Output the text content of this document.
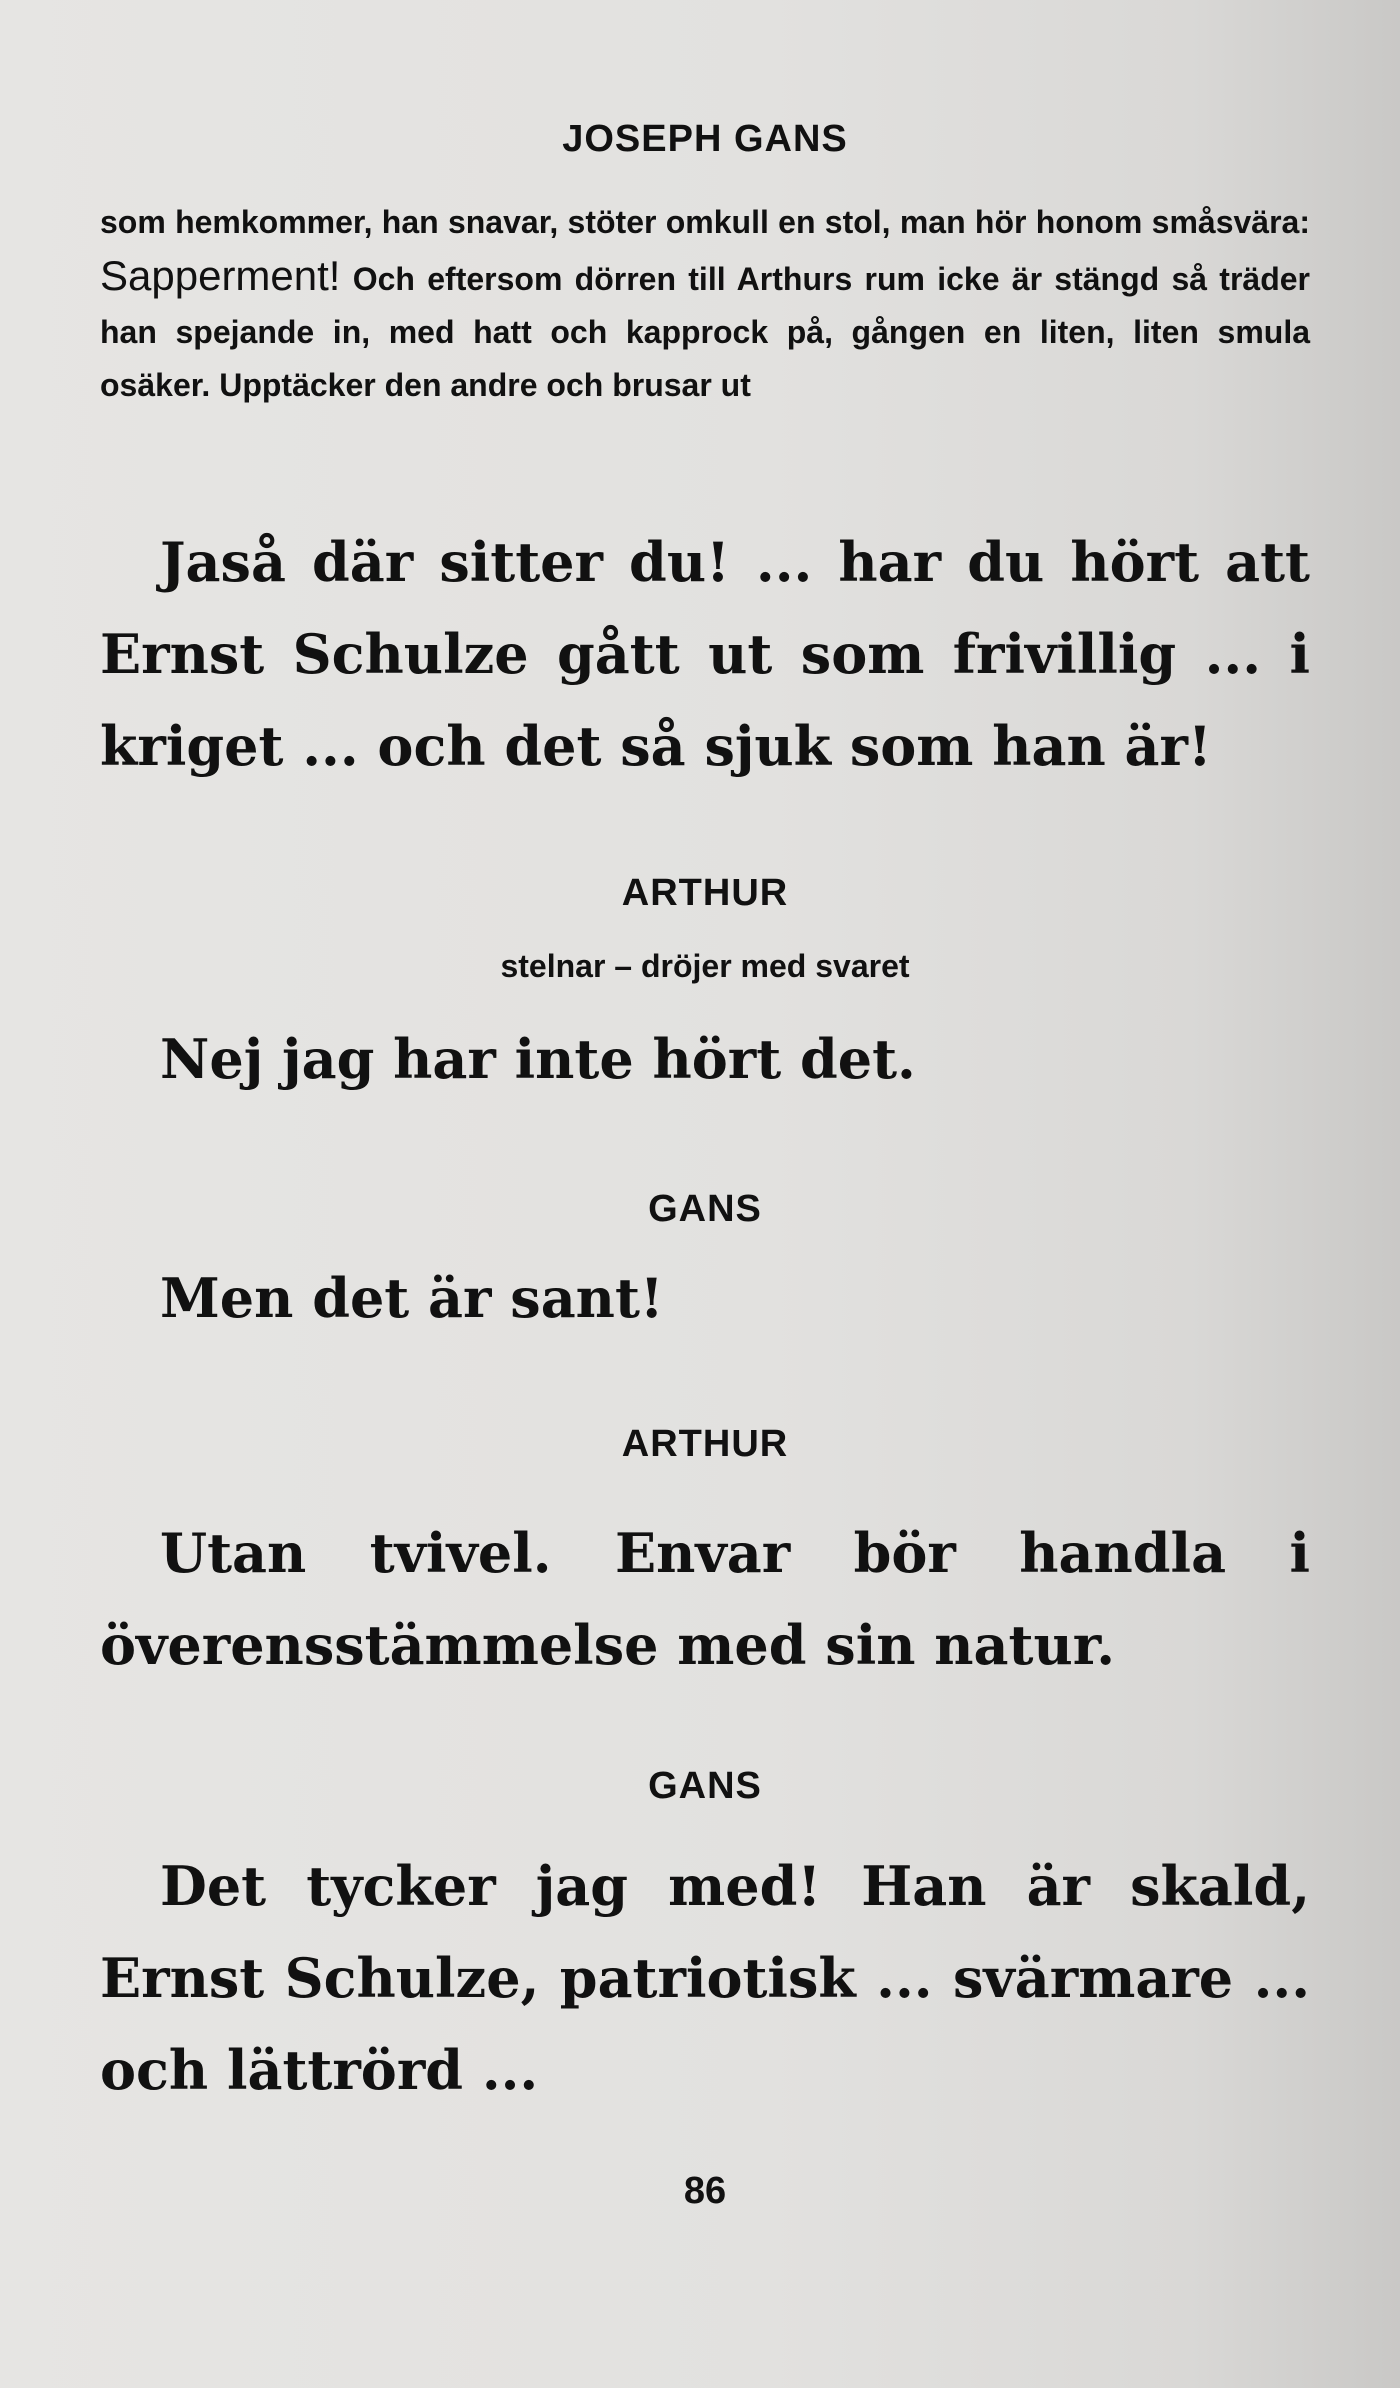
JOSEPH GANS
som hemkommer, han snavar, stöter omkull en stol, man hör honom småsvära: Sapperment! Och eftersom dörren till Arthurs rum icke är stängd så träder han spejande in, med hatt och kapprock på, gången en liten, liten smula osäker. Upptäcker den andre och brusar ut
Jaså där sitter du! ... har du hört att Ernst Schulze gått ut som frivillig ... i kriget ... och det så sjuk som han är!
ARTHUR
stelnar – dröjer med svaret
Nej jag har inte hört det.
GANS
Men det är sant!
ARTHUR
Utan tvivel. Envar bör handla i överensstämmelse med sin natur.
GANS
Det tycker jag med! Han är skald, Ernst Schulze, patriotisk ... svärmare ... och lättrörd ...
86
